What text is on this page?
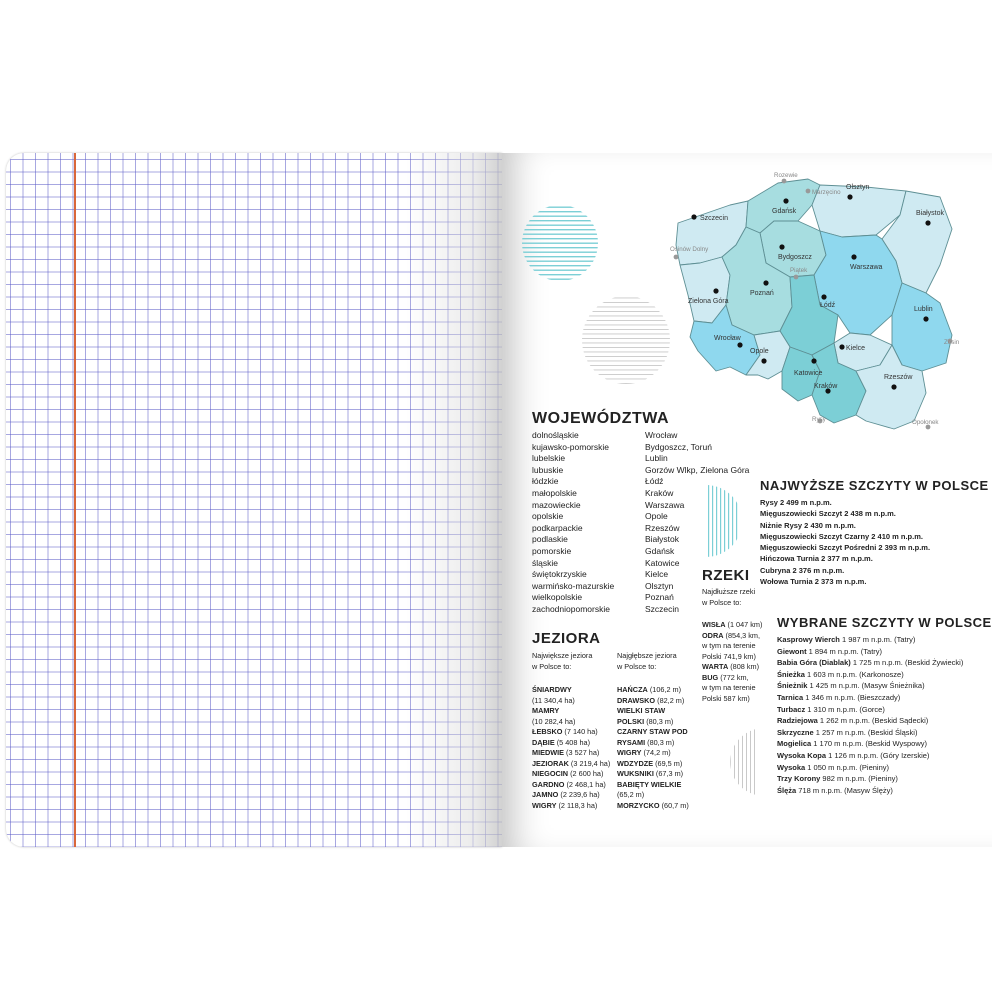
Gdańsk
Olsztyn
Szczecin
Białystok
Bydgoszcz
Warszawa
Poznań
Zielona Góra
Łódź
Lublin
Wrocław
Opole	Kielce
Katowice
Kraków
Rzeszów
Rozewie
Marzęcino
Osinów Dolny
Piątek
Zosin
Opołonek
Rysy
WOJEWÓDZTWA
dolnośląskie
kujawsko-pomorskie
lubelskie
lubuskie
łódzkie
małopolskie
mazowieckie
opolskie
podkarpackie
podlaskie
pomorskie
śląskie
świętokrzyskie
warmińsko-mazurskie
wielkopolskie
zachodniopomorskie
Wrocław
Bydgoszcz, Toruń
Lublin
Gorzów Wlkp, Zielona Góra
Łódź
Kraków
Warszawa
Opole
Rzeszów
Białystok
Gdańsk
Katowice
Kielce
Olsztyn
Poznań
Szczecin
JEZIORA
Największe jeziora
w Polsce to:
Najgłębsze jeziora
w Polsce to:
ŚNIARDWY
(11 340,4 ha)
MAMRY
(10 282,4 ha)
ŁEBSKO (7 140 ha)
DĄBIE (5 408 ha)
MIEDWIE (3 527 ha)
JEZIORAK (3 219,4 ha)
NIEGOCIN (2 600 ha)
GARDNO (2 468,1 ha)
JAMNO (2 239,6 ha)
WIGRY (2 118,3 ha)
HAŃCZA (106,2 m)
DRAWSKO (82,2 m)
WIELKI STAW
POLSKI (80,3 m)
CZARNY STAW POD
RYSAMI (80,3 m)
WIGRY (74,2 m)
WDZYDZE (69,5 m)
WUKSNIKI (67,3 m)
BABIĘTY WIELKIE
(65,2 m)
MORZYCKO (60,7 m)
RZEKI
Najdłuższe rzeki
w Polsce to:
WISŁA (1 047 km)
ODRA (854,3 km,
w tym na terenie
Polski 741,9 km)
WARTA (808 km)
BUG (772 km,
w tym na terenie
Polski 587 km)
NAJWYŻSZE SZCZYTY W POLSCE

Rysy 2 499 m n.p.m.

Mięguszowiecki Szczyt 2 438 m n.p.m.

Niżnie Rysy 2 430 m n.p.m.

Mięguszowiecki Szczyt Czarny 2 410 m n.p.m.

Mięguszowiecki Szczyt Pośredni 2 393 m n.p.m.

Hińczowa Turnia 2 377 m n.p.m.

Cubryna 2 376 m n.p.m.

Wołowa Turnia 2 373 m n.p.m.

WYBRANE SZCZYTY W POLSCE
Kasprowy Wierch 1 987 m n.p.m. (Tatry)
Giewont 1 894 m n.p.m. (Tatry)
Babia Góra (Diablak) 1 725 m n.p.m. (Beskid Żywiecki)
Śnieżka 1 603 m n.p.m. (Karkonosze)
Śnieżnik 1 425 m n.p.m. (Masyw Śnieżnika)
Tarnica 1 346 m n.p.m. (Bieszczady)
Turbacz 1 310 m n.p.m. (Gorce)
Radziejowa 1 262 m n.p.m. (Beskid Sądecki)
Skrzyczne 1 257 m n.p.m. (Beskid Śląski)
Mogielica 1 170 m n.p.m. (Beskid Wyspowy)
Wysoka Kopa 1 126 m n.p.m. (Góry Izerskie)
Wysoka 1 050 m n.p.m. (Pieniny)
Trzy Korony 982 m n.p.m. (Pieniny)
Ślęża 718 m n.p.m. (Masyw Ślęży)
